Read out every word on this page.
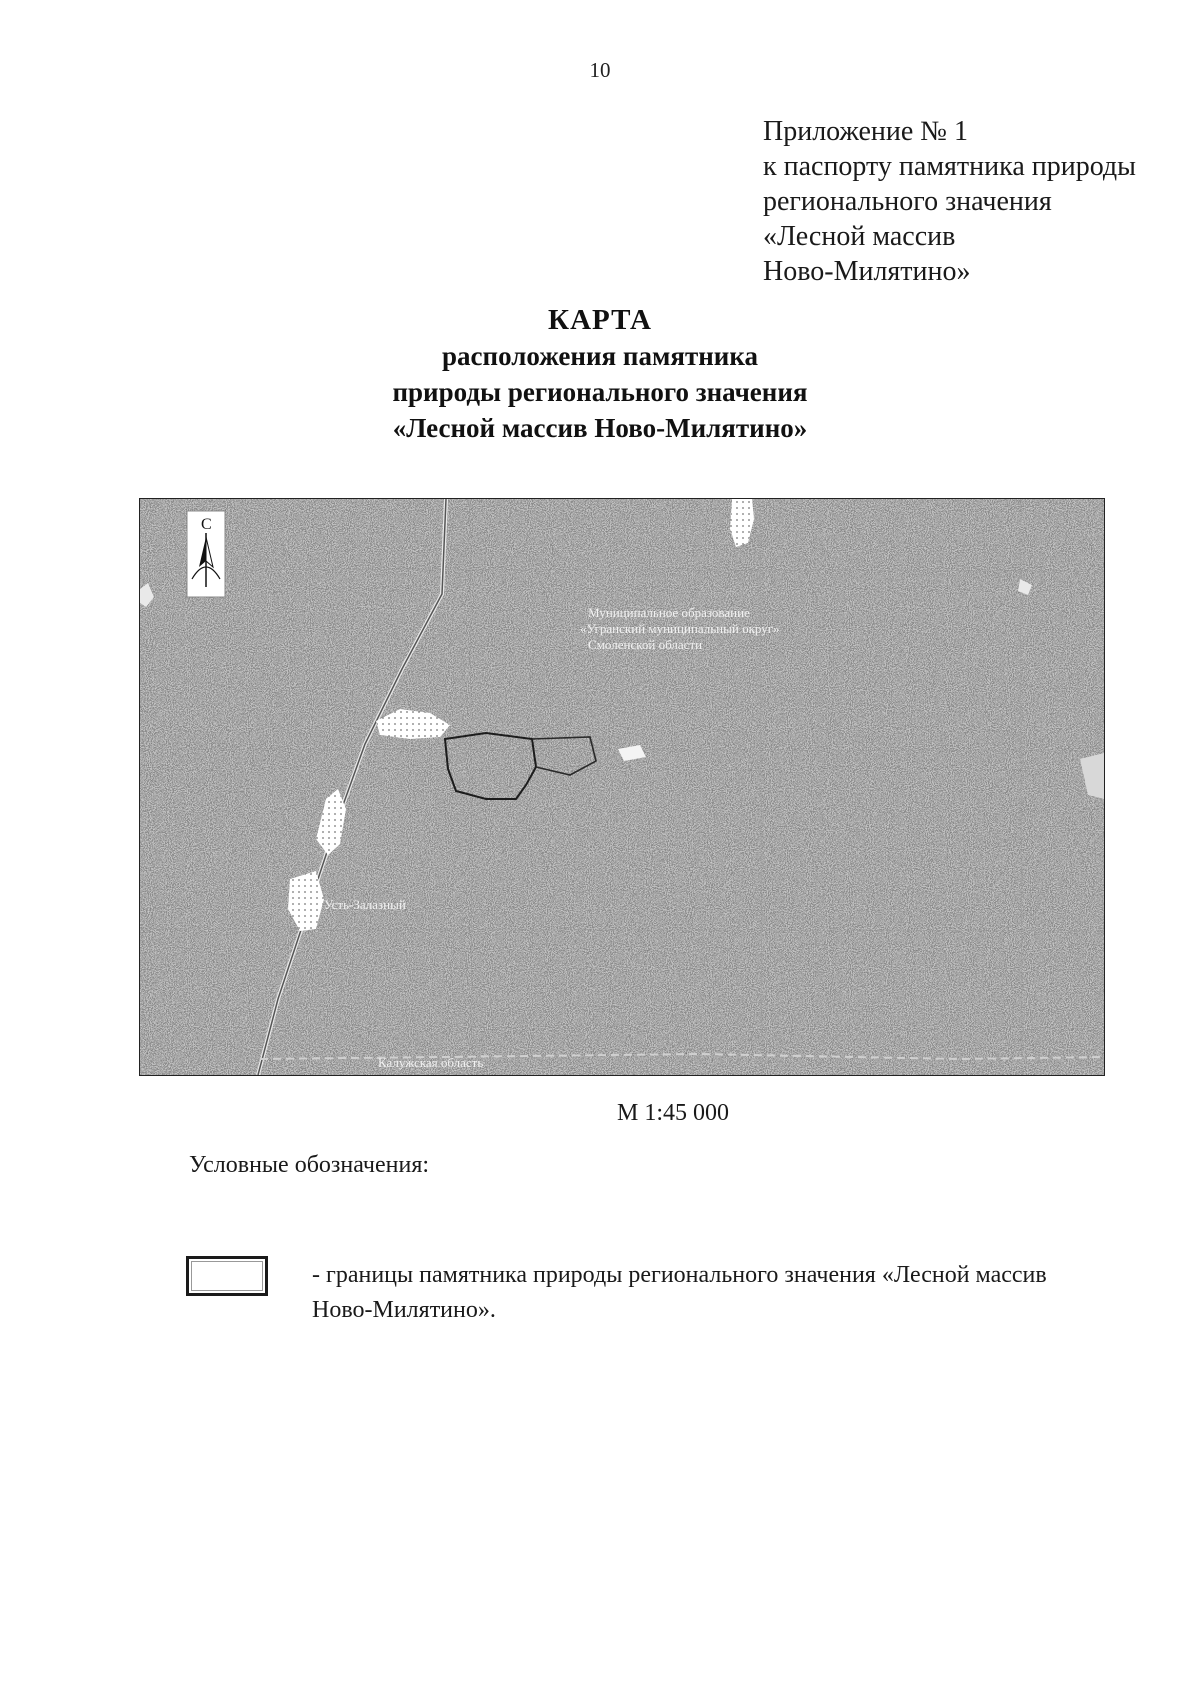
10
Приложение № 1
к паспорту памятника природы
регионального значения
«Лесной массив
Ново-Милятино»
КАРТА
расположения памятника
природы регионального значения
«Лесной массив Ново-Милятино»
С
Муниципальное образование
«Угранский муниципальный округ»
Смоленской области
Усть-Залазный
Калужская область
М 1:45 000
Условные обозначения:
- границы памятника природы регионального значения «Лесной массив
Ново-Милятино».
